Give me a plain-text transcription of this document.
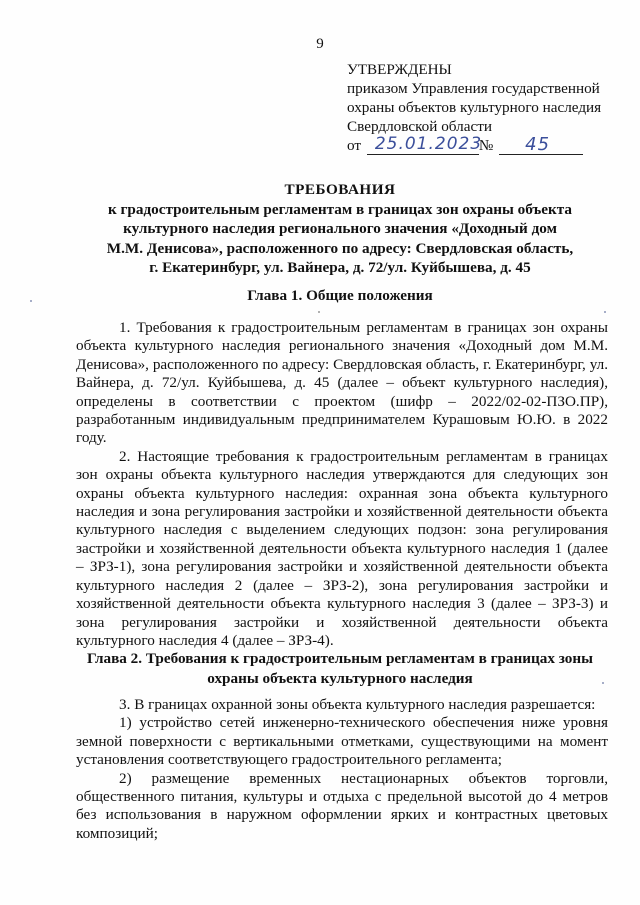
9
УТВЕРЖДЕНЫ
приказом Управления государственной
охраны объектов культурного наследия
Свердловской области
от 25.01.2023
№ 45
ТРЕБОВАНИЯ
к градостроительным регламентам в границах зон охраны объекта
культурного наследия регионального значения «Доходный дом
М.М. Денисова», расположенного по адресу: Свердловская область,
г. Екатеринбург, ул. Вайнера, д. 72/ул. Куйбышева, д. 45
Глава 1. Общие положения

1. Требования к градостроительным регламентам в границах зон охраны объекта культурного наследия регионального значения «Доходный дом М.М. Денисова», расположенного по адресу: Свердловская область, г. Екатеринбург, ул. Вайнера, д. 72/ул. Куйбышева, д. 45 (далее – объект культурного наследия), определены в соответствии с проектом (шифр – 2022/02-02-ПЗО.ПР), разработанным индивидуальным предпринимателем Курашовым Ю.Ю. в 2022 году.

2. Настоящие требования к градостроительным регламентам в границах зон охраны объекта культурного наследия утверждаются для следующих зон охраны объекта культурного наследия: охранная зона объекта культурного наследия и зона регулирования застройки и хозяйственной деятельности объекта культурного наследия с выделением следующих подзон: зона регулирования застройки и хозяйственной деятельности объекта культурного наследия 1 (далее – ЗРЗ-1), зона регулирования застройки и хозяйственной деятельности объекта культурного наследия 2 (далее – ЗРЗ-2), зона регулирования застройки и хозяйственной деятельности объекта культурного наследия 3 (далее – ЗРЗ-3) и зона регулирования застройки и хозяйственной деятельности объекта культурного наследия 4 (далее – ЗРЗ-4).

Глава 2. Требования к градостроительным регламентам в границах зоны
охраны объекта культурного наследия

3. В границах охранной зоны объекта культурного наследия разрешается:

1) устройство сетей инженерно-технического обеспечения ниже уровня земной поверхности с вертикальными отметками, существующими на момент установления соответствующего градостроительного регламента;

2) размещение временных нестационарных объектов торговли, общественного питания, культуры и отдыха с предельной высотой до 4 метров без использования в наружном оформлении ярких и контрастных цветовых композиций;
